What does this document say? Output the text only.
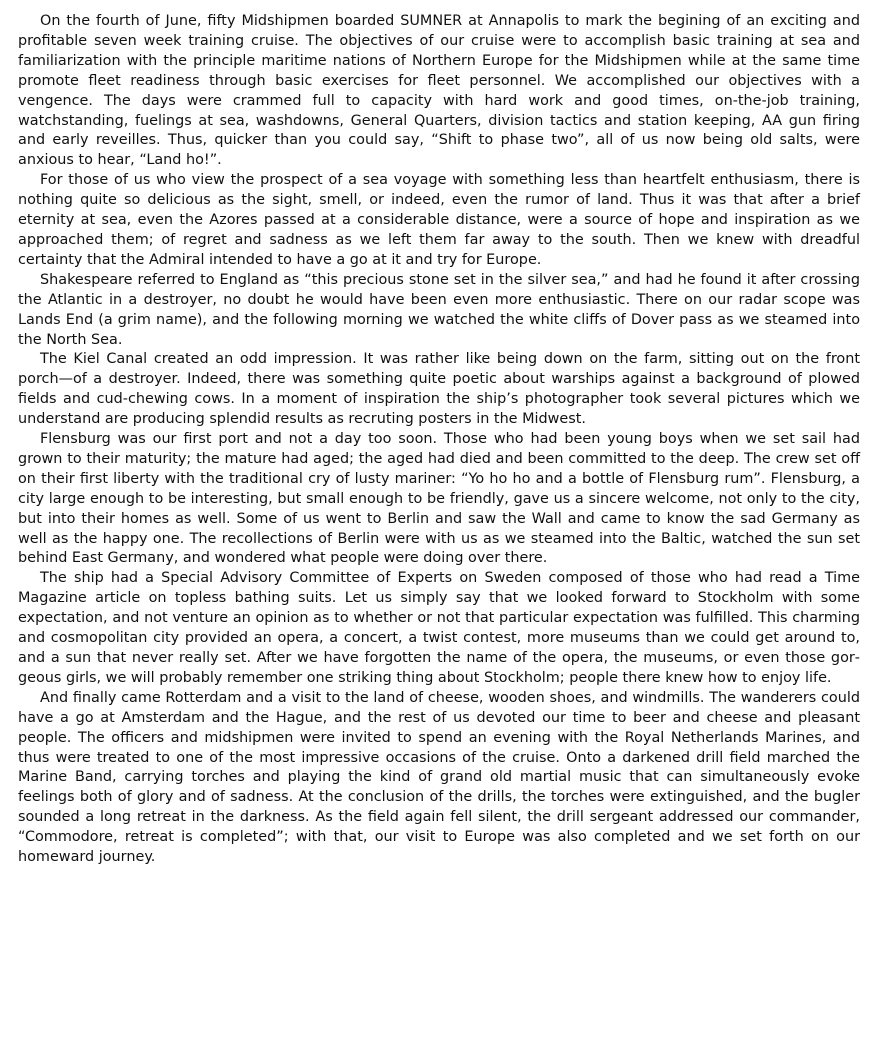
On the fourth of June, fifty Midshipmen boarded SUMNER at Annapolis to mark the begining of an exciting and profitable seven week training cruise. The objectives of our cruise were to accomplish basic training at sea and familiarization with the principle maritime nations of Northern Europe for the Midshipmen while at the same time promote fleet readiness through basic exercises for fleet personnel. We accomplished our objectives with a vengence. The days were crammed full to capacity with hard work and good times, on-the-job training, watchstanding, fuelings at sea, washdowns, General Quarters, division tactics and station keeping, AA gun firing and early reveilles. Thus, quicker than you could say, “Shift to phase two”, all of us now being old salts, were anxious to hear, “Land ho!”.

For those of us who view the prospect of a sea voyage with something less than heartfelt enthusiasm, there is nothing quite so delicious as the sight, smell, or indeed, even the rumor of land. Thus it was that after a brief eternity at sea, even the Azores passed at a considerable distance, were a source of hope and inspiration as we approached them; of regret and sadness as we left them far away to the south. Then we knew with dreadful certainty that the Admiral intended to have a go at it and try for Europe.

Shakespeare referred to England as “this precious stone set in the silver sea,” and had he found it after crossing the Atlantic in a destroyer, no doubt he would have been even more enthusiastic. There on our radar scope was Lands End (a grim name), and the following morning we watched the white cliffs of Dover pass as we steamed into the North Sea.

The Kiel Canal created an odd impression. It was rather like being down on the farm, sitting out on the front porch—of a destroyer. Indeed, there was something quite poetic about warships against a background of plowed fields and cud-chewing cows. In a moment of inspiration the ship’s photographer took several pictures which we understand are producing splendid results as recruting posters in the Midwest.

Flensburg was our first port and not a day too soon. Those who had been young boys when we set sail had grown to their maturity; the mature had aged; the aged had died and been committed to the deep. The crew set off on their first liberty with the traditional cry of lusty mariner: “Yo ho ho and a bottle of Flensburg rum”. Flensburg, a city large enough to be interesting, but small enough to be friendly, gave us a sincere welcome, not only to the city, but into their homes as well. Some of us went to Berlin and saw the Wall and came to know the sad Germany as well as the happy one. The recollections of Berlin were with us as we steamed into the Baltic, watched the sun set behind East Germany, and wondered what people were doing over there.

The ship had a Special Advisory Committee of Experts on Sweden composed of those who had read a Time Magazine article on topless bathing suits. Let us simply say that we looked forward to Stockholm with some expectation, and not venture an opinion as to whether or not that particular expectation was fulfilled. This charming and cosmopolitan city provided an opera, a concert, a twist contest, more museums than we could get around to, and a sun that never really set. After we have forgotten the name of the opera, the museums, or even those gorgeous girls, we will probably remember one striking thing about Stockholm; people there knew how to enjoy life.

And finally came Rotterdam and a visit to the land of cheese, wooden shoes, and windmills. The wanderers could have a go at Amsterdam and the Hague, and the rest of us devoted our time to beer and cheese and pleasant people. The officers and midshipmen were invited to spend an evening with the Royal Netherlands Marines, and thus were treated to one of the most impressive occasions of the cruise. Onto a darkened drill field marched the Marine Band, carrying torches and playing the kind of grand old martial music that can simultaneously evoke feelings both of glory and of sadness. At the conclusion of the drills, the torches were extinguished, and the bugler sounded a long retreat in the darkness. As the field again fell silent, the drill sergeant addressed our commander, “Commodore, retreat is completed”; with that, our visit to Europe was also completed and we set forth on our homeward journey.
